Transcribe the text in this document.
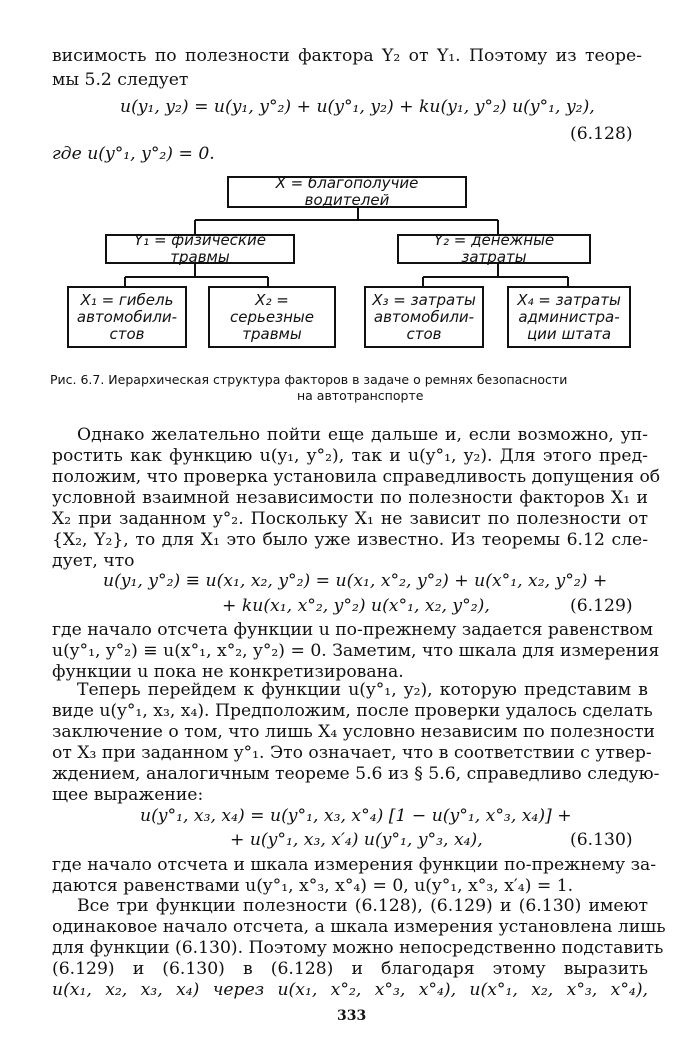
висимость по полезности фактора Y₂ от Y₁. Поэтому из теоре-
мы 5.2 следует
u(y₁, y₂) = u(y₁, y°₂) + u(y°₁, y₂) + ku(y₁, y°₂) u(y°₁, y₂),
(6.128)
где u(y°₁, y°₂) = 0.
X = благополучие водителей
Y₁ = физические травмы
Y₂ = денежные затраты
X₁ = гибель
автомобили-
стов
X₂ = серьезные
травмы
X₃ = затраты
автомобили-
стов
X₄ = затраты
администра-
ции штата
Рис. 6.7. Иерархическая структура факторов в задаче о ремнях безопасности
на автотранспорте
Однако желательно пойти еще дальше и, если возможно, уп-
ростить как функцию u(y₁, y°₂), так и u(y°₁, y₂). Для этого пред-
положим, что проверка установила справедливость допущения об
условной взаимной независимости по полезности факторов X₁ и
X₂ при заданном y°₂. Поскольку X₁ не зависит по полезности от
{X₂, Y₂}, то для X₁ это было уже известно. Из теоремы 6.12 сле-
дует, что
u(y₁, y°₂) ≡ u(x₁, x₂, y°₂) = u(x₁, x°₂, y°₂) + u(x°₁, x₂, y°₂) +
+ ku(x₁, x°₂, y°₂) u(x°₁, x₂, y°₂),	(6.129)
где начало отсчета функции u по-прежнему задается равенством
u(y°₁, y°₂) ≡ u(x°₁, x°₂, y°₂) = 0. Заметим, что шкала для измерения
функции u пока не конкретизирована.
Теперь перейдем к функции u(y°₁, y₂), которую представим в
виде u(y°₁, x₃, x₄). Предположим, после проверки удалось сделать
заключение о том, что лишь X₄ условно независим по полезности
от X₃ при заданном y°₁. Это означает, что в соответствии с утвер-
ждением, аналогичным теореме 5.6 из § 5.6, справедливо следую-
щее выражение:
u(y°₁, x₃, x₄) = u(y°₁, x₃, x°₄) [1 − u(y°₁, x°₃, x₄)] +
+ u(y°₁, x₃, x′₄) u(y°₁, y°₃, x₄),	(6.130)
где начало отсчета и шкала измерения функции по-прежнему за-
даются равенствами u(y°₁, x°₃, x°₄) = 0, u(y°₁, x°₃, x′₄) = 1.
Все три функции полезности (6.128), (6.129) и (6.130) имеют
одинаковое начало отсчета, а шкала измерения установлена лишь
для функции (6.130). Поэтому можно непосредственно подставить
(6.129) и (6.130) в (6.128) и благодаря этому выразить
u(x₁, x₂, x₃, x₄) через u(x₁, x°₂, x°₃, x°₄), u(x°₁, x₂, x°₃, x°₄),
333
